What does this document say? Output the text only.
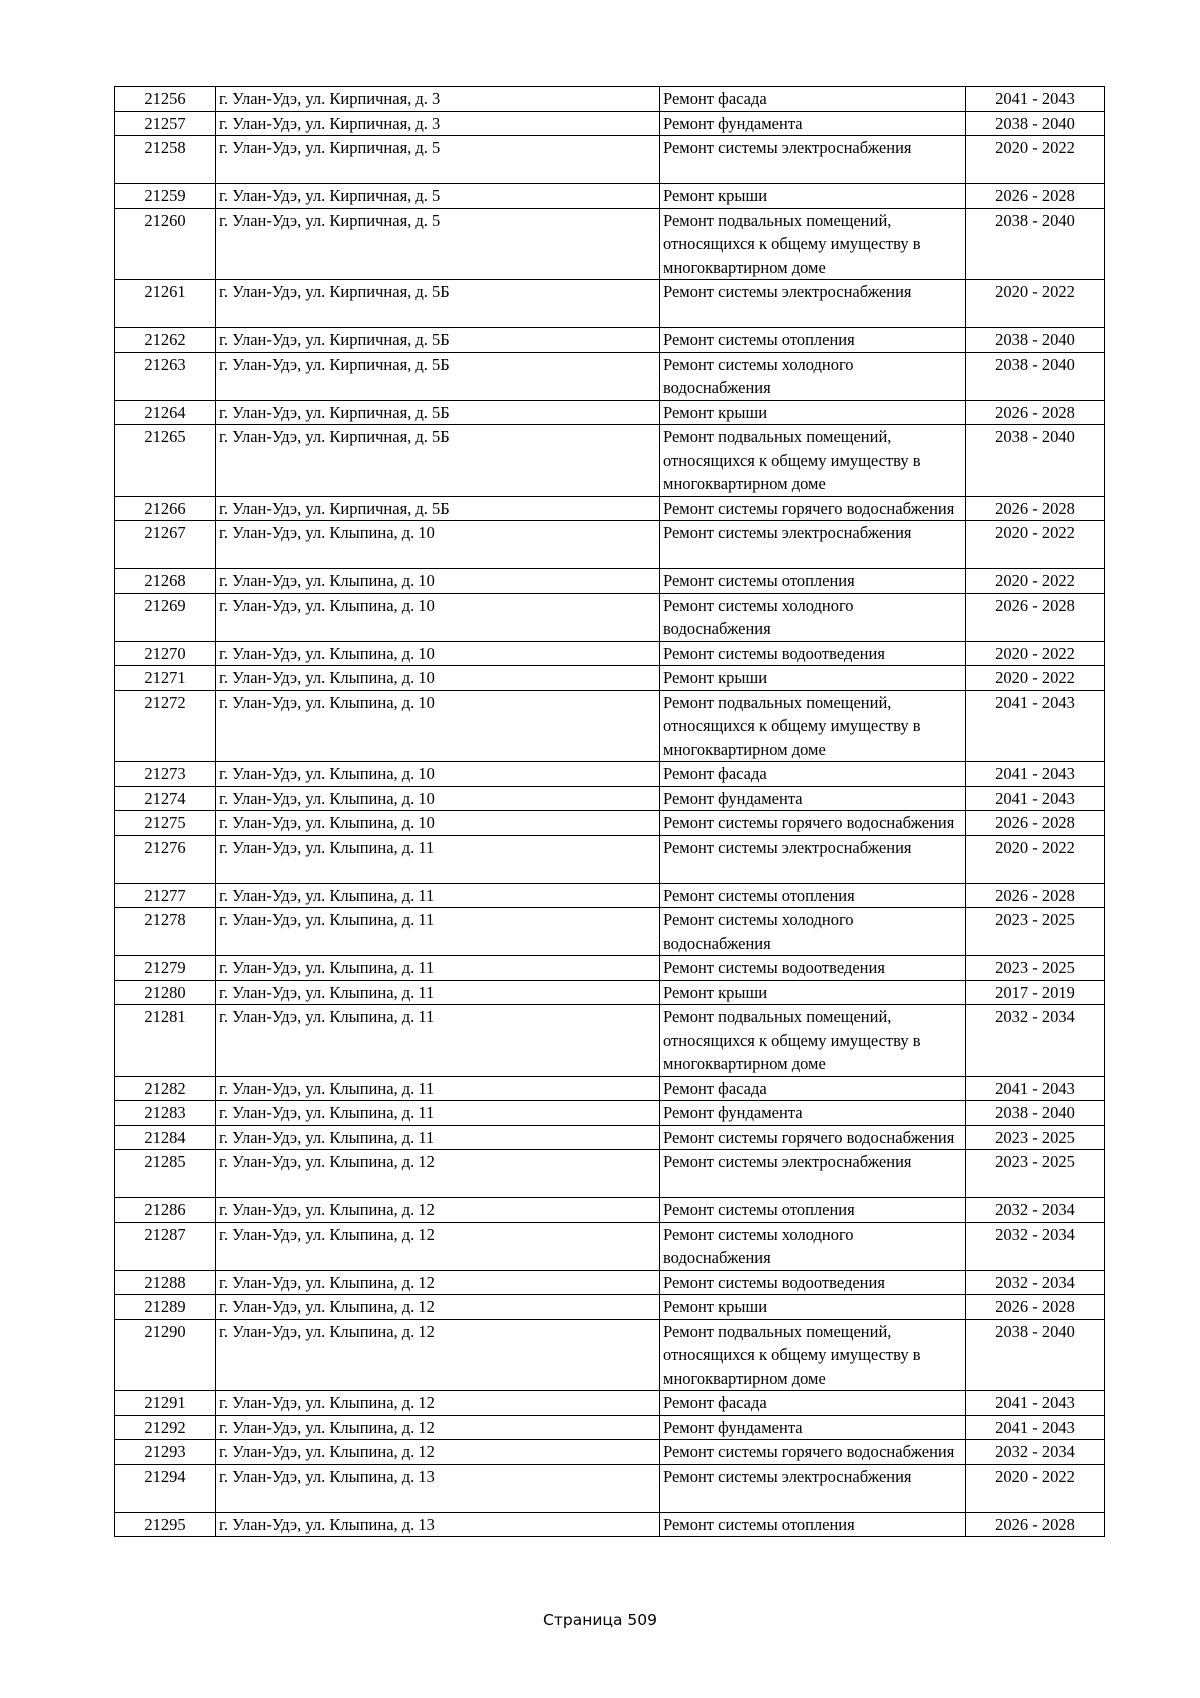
21256	г. Улан-Удэ, ул. Кирпичная, д. 3	Ремонт фасада	2041 - 2043
21257	г. Улан-Удэ, ул. Кирпичная, д. 3	Ремонт фундамента	2038 - 2040
21258	г. Улан-Удэ, ул. Кирпичная, д. 5	Ремонт системы электроснабжения	2020 - 2022
21259	г. Улан-Удэ, ул. Кирпичная, д. 5	Ремонт крыши	2026 - 2028
21260	г. Улан-Удэ, ул. Кирпичная, д. 5	Ремонт подвальных помещений, относящихся к общему имуществу в многоквартирном доме	2038 - 2040
21261	г. Улан-Удэ, ул. Кирпичная, д. 5Б	Ремонт системы электроснабжения	2020 - 2022
21262	г. Улан-Удэ, ул. Кирпичная, д. 5Б	Ремонт системы отопления	2038 - 2040
21263	г. Улан-Удэ, ул. Кирпичная, д. 5Б	Ремонт системы холодного водоснабжения	2038 - 2040
21264	г. Улан-Удэ, ул. Кирпичная, д. 5Б	Ремонт крыши	2026 - 2028
21265	г. Улан-Удэ, ул. Кирпичная, д. 5Б	Ремонт подвальных помещений, относящихся к общему имуществу в многоквартирном доме	2038 - 2040
21266	г. Улан-Удэ, ул. Кирпичная, д. 5Б	Ремонт системы горячего водоснабжения	2026 - 2028
21267	г. Улан-Удэ, ул. Клыпина, д. 10	Ремонт системы электроснабжения	2020 - 2022
21268	г. Улан-Удэ, ул. Клыпина, д. 10	Ремонт системы отопления	2020 - 2022
21269	г. Улан-Удэ, ул. Клыпина, д. 10	Ремонт системы холодного водоснабжения	2026 - 2028
21270	г. Улан-Удэ, ул. Клыпина, д. 10	Ремонт системы водоотведения	2020 - 2022
21271	г. Улан-Удэ, ул. Клыпина, д. 10	Ремонт крыши	2020 - 2022
21272	г. Улан-Удэ, ул. Клыпина, д. 10	Ремонт подвальных помещений, относящихся к общему имуществу в многоквартирном доме	2041 - 2043
21273	г. Улан-Удэ, ул. Клыпина, д. 10	Ремонт фасада	2041 - 2043
21274	г. Улан-Удэ, ул. Клыпина, д. 10	Ремонт фундамента	2041 - 2043
21275	г. Улан-Удэ, ул. Клыпина, д. 10	Ремонт системы горячего водоснабжения	2026 - 2028
21276	г. Улан-Удэ, ул. Клыпина, д. 11	Ремонт системы электроснабжения	2020 - 2022
21277	г. Улан-Удэ, ул. Клыпина, д. 11	Ремонт системы отопления	2026 - 2028
21278	г. Улан-Удэ, ул. Клыпина, д. 11	Ремонт системы холодного водоснабжения	2023 - 2025
21279	г. Улан-Удэ, ул. Клыпина, д. 11	Ремонт системы водоотведения	2023 - 2025
21280	г. Улан-Удэ, ул. Клыпина, д. 11	Ремонт крыши	2017 - 2019
21281	г. Улан-Удэ, ул. Клыпина, д. 11	Ремонт подвальных помещений, относящихся к общему имуществу в многоквартирном доме	2032 - 2034
21282	г. Улан-Удэ, ул. Клыпина, д. 11	Ремонт фасада	2041 - 2043
21283	г. Улан-Удэ, ул. Клыпина, д. 11	Ремонт фундамента	2038 - 2040
21284	г. Улан-Удэ, ул. Клыпина, д. 11	Ремонт системы горячего водоснабжения	2023 - 2025
21285	г. Улан-Удэ, ул. Клыпина, д. 12	Ремонт системы электроснабжения	2023 - 2025
21286	г. Улан-Удэ, ул. Клыпина, д. 12	Ремонт системы отопления	2032 - 2034
21287	г. Улан-Удэ, ул. Клыпина, д. 12	Ремонт системы холодного водоснабжения	2032 - 2034
21288	г. Улан-Удэ, ул. Клыпина, д. 12	Ремонт системы водоотведения	2032 - 2034
21289	г. Улан-Удэ, ул. Клыпина, д. 12	Ремонт крыши	2026 - 2028
21290	г. Улан-Удэ, ул. Клыпина, д. 12	Ремонт подвальных помещений, относящихся к общему имуществу в многоквартирном доме	2038 - 2040
21291	г. Улан-Удэ, ул. Клыпина, д. 12	Ремонт фасада	2041 - 2043
21292	г. Улан-Удэ, ул. Клыпина, д. 12	Ремонт фундамента	2041 - 2043
21293	г. Улан-Удэ, ул. Клыпина, д. 12	Ремонт системы горячего водоснабжения	2032 - 2034
21294	г. Улан-Удэ, ул. Клыпина, д. 13	Ремонт системы электроснабжения	2020 - 2022
21295	г. Улан-Удэ, ул. Клыпина, д. 13	Ремонт системы отопления	2026 - 2028
Страница 509
